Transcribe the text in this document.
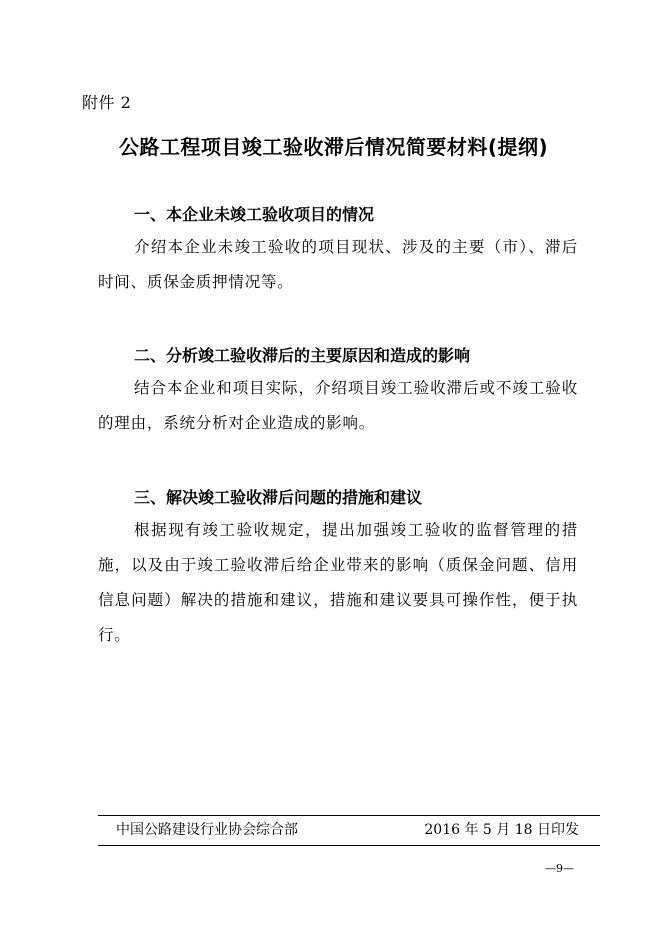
附件 2
公路工程项目竣工验收滞后情况简要材料(提纲)
一、本企业未竣工验收项目的情况
介绍本企业未竣工验收的项目现状、涉及的主要（市）、滞后时间、质保金质押情况等。
二、分析竣工验收滞后的主要原因和造成的影响
结合本企业和项目实际，介绍项目竣工验收滞后或不竣工验收的理由，系统分析对企业造成的影响。
三、解决竣工验收滞后问题的措施和建议
根据现有竣工验收规定，提出加强竣工验收的监督管理的措施，以及由于竣工验收滞后给企业带来的影响（质保金问题、信用信息问题）解决的措施和建议，措施和建议要具可操作性，便于执行。
中国公路建设行业协会综合部	2016 年 5 月 18 日印发
—9—
